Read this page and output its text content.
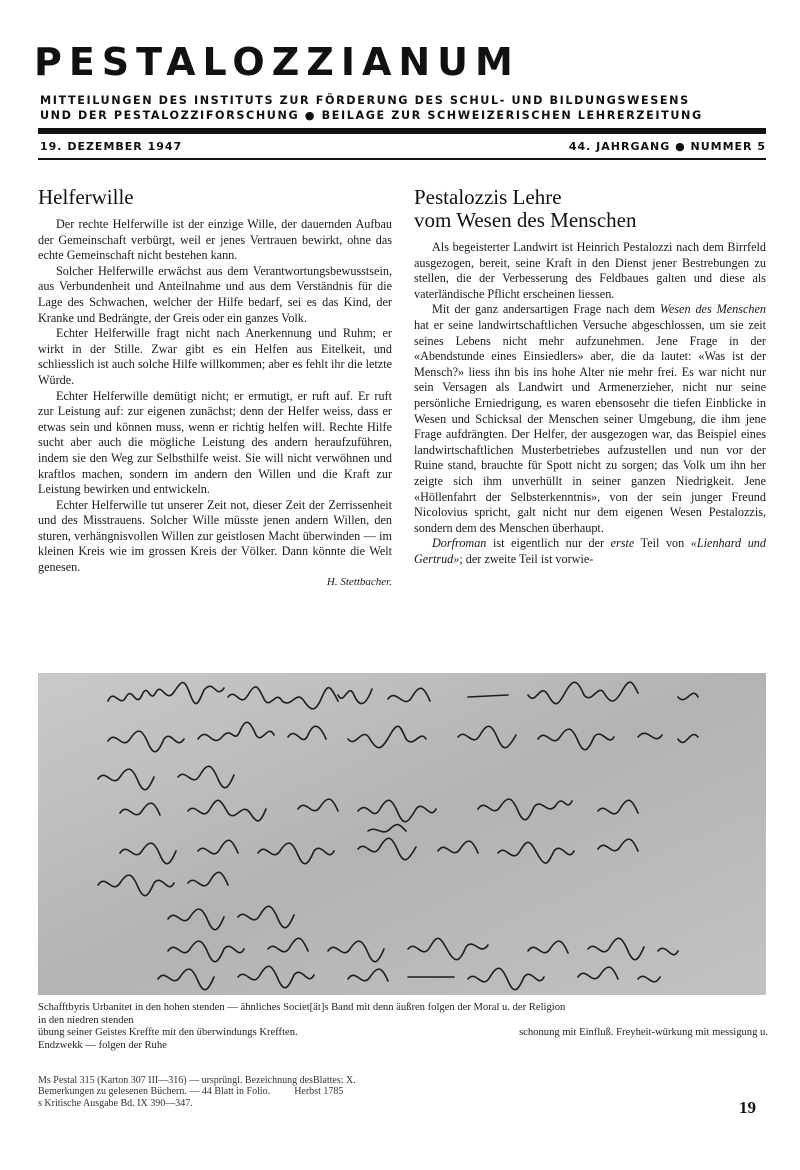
PESTALOZZIANUM
MITTEILUNGEN DES INSTITUTS ZUR FÖRDERUNG DES SCHUL- UND BILDUNGSWESENS
UND DER PESTALOZZIFORSCHUNG ● BEILAGE ZUR SCHWEIZERISCHEN LEHRERZEITUNG
19. DEZEMBER 1947	44. JAHRGANG ● NUMMER 5
Helferwille

Der rechte Helferwille ist der einzige Wille, der dauernden Aufbau der Gemeinschaft verbürgt, weil er jenes Vertrauen bewirkt, ohne das echte Gemeinschaft nicht bestehen kann.

Solcher Helferwille erwächst aus dem Verantwortungsbewusstsein, aus Verbundenheit und Anteilnahme und aus dem Verständnis für die Lage des Schwachen, welcher der Hilfe bedarf, sei es das Kind, der Kranke und Bedrängte, der Greis oder ein ganzes Volk.

Echter Helferwille fragt nicht nach Anerkennung und Ruhm; er wirkt in der Stille. Zwar gibt es ein Helfen aus Eitelkeit, und schliesslich ist auch solche Hilfe willkommen; aber es fehlt ihr die letzte Würde.

Echter Helferwille demütigt nicht; er ermutigt, er ruft auf. Er ruft zur Leistung auf: zur eigenen zunächst; denn der Helfer weiss, dass er etwas sein und können muss, wenn er richtig helfen will. Rechte Hilfe sucht aber auch die mögliche Leistung des andern heraufzuführen, indem sie den Weg zur Selbsthilfe weist. Sie will nicht verwöhnen und kraftlos machen, sondern im andern den Willen und die Kraft zur Leistung bewirken und entwickeln.

Echter Helferwille tut unserer Zeit not, dieser Zeit der Zerrissenheit und des Misstrauens. Solcher Wille müsste jenen andern Willen, den sturen, verhängnisvollen Willen zur geistlosen Macht überwinden — im kleinen Kreis wie im grossen Kreis der Völker. Dann könnte die Welt genesen.

H. Stettbacher.
Pestalozzis Lehre
vom Wesen des Menschen

Als begeisterter Landwirt ist Heinrich Pestalozzi nach dem Birrfeld ausgezogen, bereit, seine Kraft in den Dienst jener Bestrebungen zu stellen, die der Verbesserung des Feldbaues galten und diese als vaterländische Pflicht erscheinen liessen.

Mit der ganz andersartigen Frage nach dem Wesen des Menschen hat er seine landwirtschaftlichen Versuche abgeschlossen, um sie zeit seines Lebens nicht mehr aufzunehmen. Jene Frage in der «Abendstunde eines Einsiedlers» aber, die da lautet: «Was ist der Mensch?» liess ihn bis ins hohe Alter nie mehr frei. Es war nicht nur sein Versagen als Landwirt und Armenerzieher, nicht nur seine persönliche Erniedrigung, es waren ebensosehr die tiefen Einblicke in Wesen und Schicksal der Menschen seiner Umgebung, die ihm jene Frage aufdrängten. Der Helfer, der ausgezogen war, das Beispiel eines landwirtschaftlichen Musterbetriebes aufzustellen und nun vor der Ruine stand, brauchte für Spott nicht zu sorgen; das Volk um ihn her zeigte sich ihm unverhüllt in seiner ganzen Niedrigkeit. Jene «Höllenfahrt der Selbsterkenntnis», von der sein junger Freund Nicolovius spricht, galt nicht nur dem eigenen Wesen Pestalozzis, sondern dem des Menschen überhaupt.

Dorfroman ist eigentlich nur der erste Teil von «Lienhard und Gertrud»; der zweite Teil ist vorwie-

Schafftbyris Urbanitet in den hohen stenden — ähnliches Societ[ät]s Band mit denn äußren folgen der Moral u. der Religion
in den niedren stenden
übung seiner Geistes Kreffte mit den überwindungs Krefften.	schonung mit Einfluß. Freyheit-würkung mit messigung u.
Endzwekk — folgen der Ruhe
Ms Pestal 315 (Karton 307 III—316) — ursprüngl. Bezeichnung des Blattes: X.
Bemerkungen zu gelesenen Büchern. — 44 Blatt in Folio. Herbst 1785
s Kritische Ausgabe Bd. IX 390—347.	19
